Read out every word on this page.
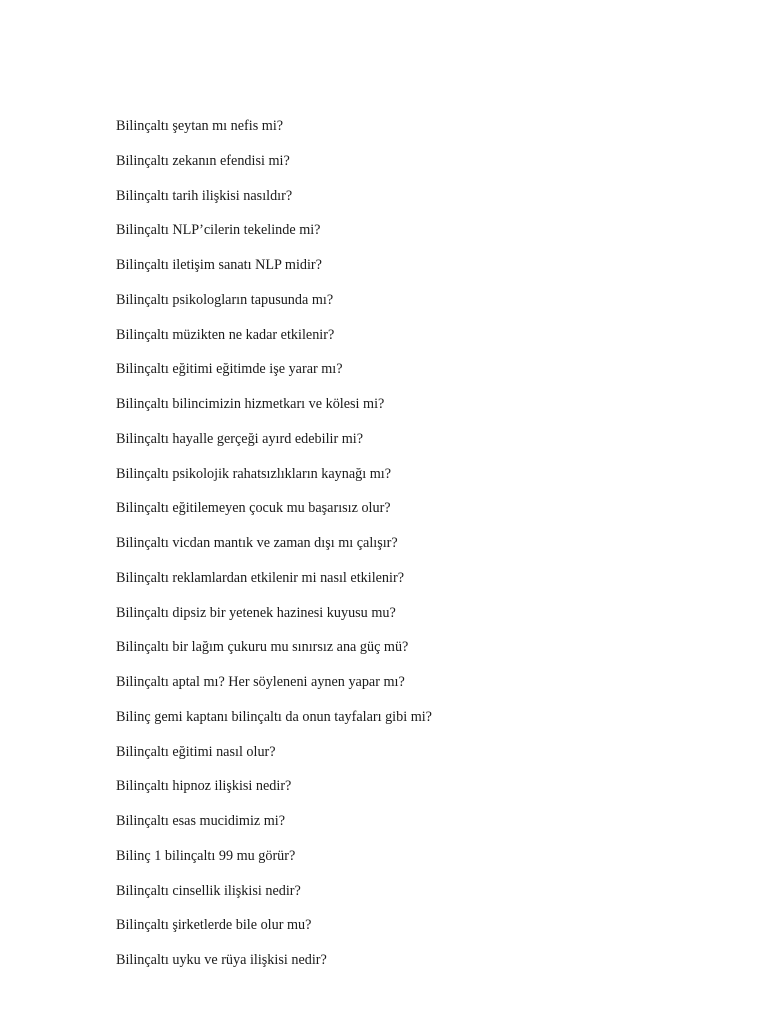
Bilinçaltı şeytan mı nefis mi?
Bilinçaltı zekanın efendisi mi?
Bilinçaltı tarih ilişkisi nasıldır?
Bilinçaltı NLP’cilerin tekelinde mi?
Bilinçaltı iletişim sanatı NLP midir?
Bilinçaltı psikologların tapusunda mı?
Bilinçaltı müzikten ne kadar etkilenir?
Bilinçaltı eğitimi eğitimde işe yarar mı?
Bilinçaltı bilincimizin hizmetkarı ve kölesi mi?
Bilinçaltı hayalle gerçeği ayırd edebilir mi?
Bilinçaltı psikolojik rahatsızlıkların kaynağı mı?
Bilinçaltı eğitilemeyen çocuk mu başarısız olur?
Bilinçaltı vicdan mantık ve zaman dışı mı çalışır?
Bilinçaltı reklamlardan etkilenir mi nasıl etkilenir?
Bilinçaltı dipsiz bir yetenek hazinesi kuyusu mu?
Bilinçaltı bir lağım çukuru mu sınırsız ana güç mü?
Bilinçaltı aptal mı? Her söyleneni aynen yapar mı?
Bilinç gemi kaptanı bilinçaltı da onun tayfaları gibi mi?
Bilinçaltı eğitimi nasıl olur?
Bilinçaltı hipnoz ilişkisi nedir?
Bilinçaltı esas mucidimiz mi?
Bilinç 1 bilinçaltı 99 mu görür?
Bilinçaltı cinsellik ilişkisi nedir?
Bilinçaltı şirketlerde bile olur mu?
Bilinçaltı uyku ve rüya ilişkisi nedir?
